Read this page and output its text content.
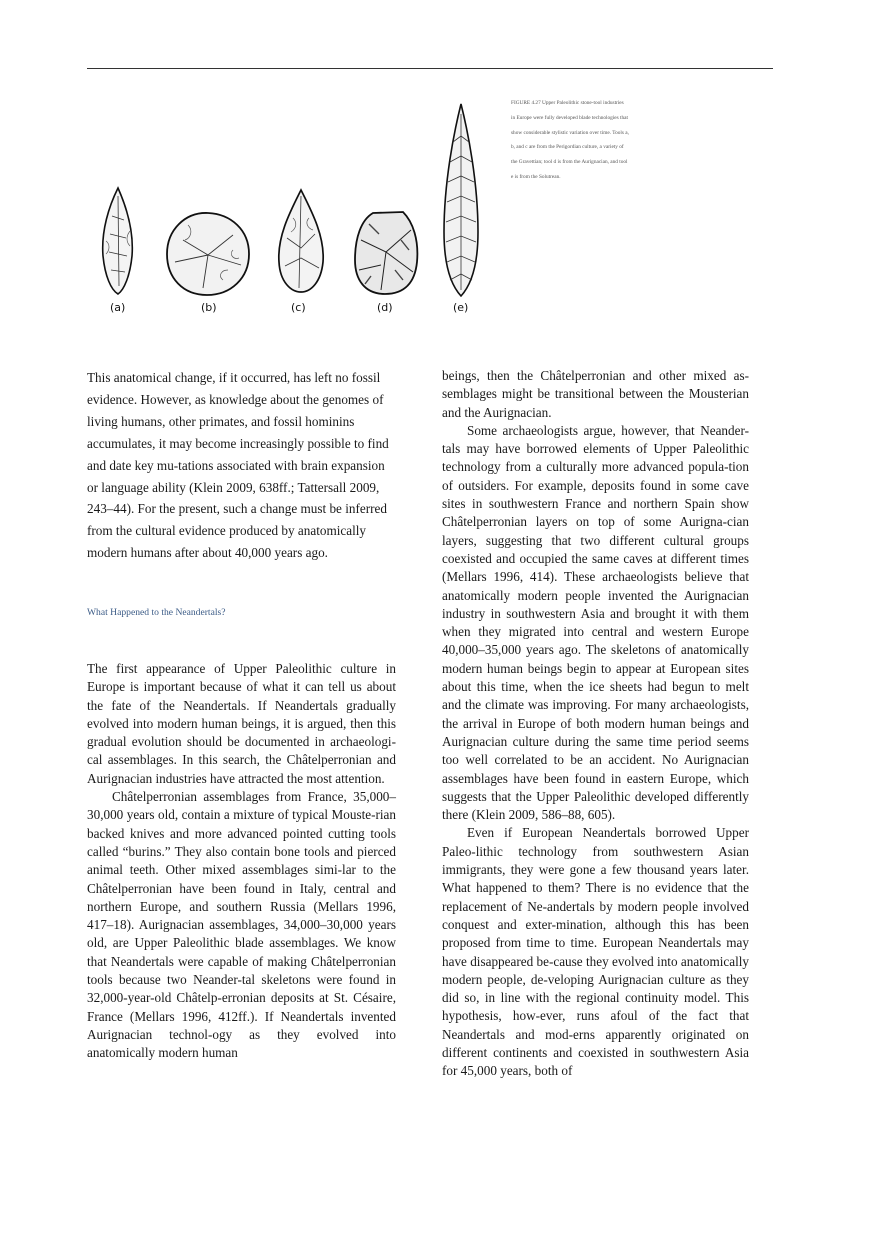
(a)	(b)	(c)	(d)	(e)
FIGURE 4.27 Upper Paleolithic stone-tool industries in Europe were fully developed blade technologies that show considerable stylistic variation over time. Tools a, b, and c are from the Perigordian culture, a variety of the Gravettian; tool d is from the Aurignacian, and tool e is from the Solutrean.

This anatomical change, if it occurred, has left no fossil evidence. However, as knowledge about the genomes of living humans, other primates, and fossil hominins accumulates, it may become increasingly possible to find and date key mu-tations associated with brain expansion or language ability (Klein 2009, 638ff.; Tattersall 2009, 243–44). For the present, such a change must be inferred from the cultural evidence produced by anatomically modern humans after about 40,000 years ago.

What Happened to the Neandertals?

The first appearance of Upper Paleolithic culture in Europe is important because of what it can tell us about the fate of the Neandertals. If Neandertals gradually evolved into modern human beings, it is argued, then this gradual evolution should be documented in archaeologi-cal assemblages. In this search, the Châtelperronian and Aurignacian industries have attracted the most attention.

Châtelperronian assemblages from France, 35,000–30,000 years old, contain a mixture of typical Mouste-rian backed knives and more advanced pointed cutting tools called “burins.” They also contain bone tools and pierced animal teeth. Other mixed assemblages simi-lar to the Châtelperronian have been found in Italy, central and northern Europe, and southern Russia (Mellars 1996, 417–18). Aurignacian assemblages, 34,000–30,000 years old, are Upper Paleolithic blade assemblages. We know that Neandertals were capable of making Châtelperronian tools because two Neander-tal skeletons were found in 32,000-year-old Châtelp-erronian deposits at St. Césaire, France (Mellars 1996, 412ff.). If Neandertals invented Aurignacian technol-ogy as they evolved into anatomically modern human

beings, then the Châtelperronian and other mixed as-semblages might be transitional between the Mousterian and the Aurignacian.

Some archaeologists argue, however, that Neander-tals may have borrowed elements of Upper Paleolithic technology from a culturally more advanced popula-tion of outsiders. For example, deposits found in some cave sites in southwestern France and northern Spain show Châtelperronian layers on top of some Aurigna-cian layers, suggesting that two different cultural groups coexisted and occupied the same caves at different times (Mellars 1996, 414). These archaeologists believe that anatomically modern people invented the Aurignacian industry in southwestern Asia and brought it with them when they migrated into central and western Europe 40,000–35,000 years ago. The skeletons of anatomically modern human beings begin to appear at European sites about this time, when the ice sheets had begun to melt and the climate was improving. For many archaeologists, the arrival in Europe of both modern human beings and Aurignacian culture during the same time period seems too well correlated to be an accident. No Aurignacian assemblages have been found in eastern Europe, which suggests that the Upper Paleolithic developed differently there (Klein 2009, 586–88, 605).

Even if European Neandertals borrowed Upper Paleo-lithic technology from southwestern Asian immigrants, they were gone a few thousand years later. What happened to them? There is no evidence that the replacement of Ne-andertals by modern people involved conquest and exter-mination, although this has been proposed from time to time. European Neandertals may have disappeared be-cause they evolved into anatomically modern people, de-veloping Aurignacian culture as they did so, in line with the regional continuity model. This hypothesis, how-ever, runs afoul of the fact that Neandertals and mod-erns apparently originated on different continents and coexisted in southwestern Asia for 45,000 years, both of
